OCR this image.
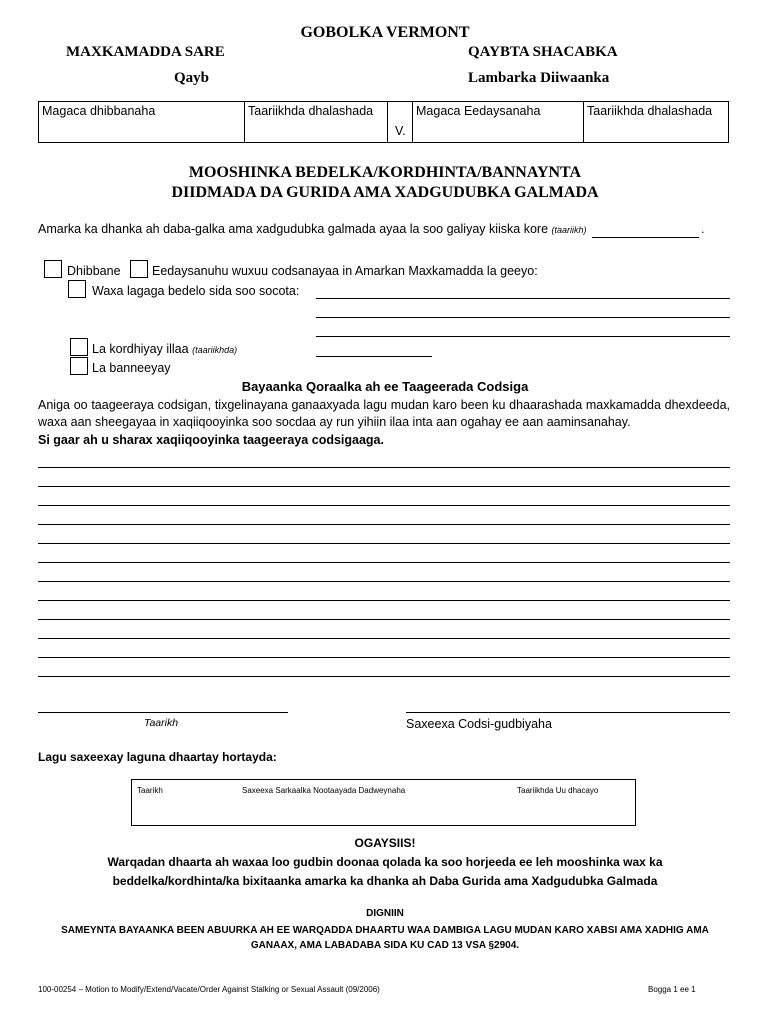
GOBOLKA VERMONT
MAXKAMADDA SARE	QAYBTA SHACABKA
Qayb	Lambarka Diiwaanka
Magaca dhibbanaha	Taariikhda dhalashada
V.
Magaca Eedaysanaha	Taariikhda dhalashada
MOOSHINKA BEDELKA/KORDHINTA/BANNAYNTA
DIIDMADA DA GURIDA AMA XADGUDUBKA GALMADA
Amarka ka dhanka ah daba-galka ama xadgudubka galmada ayaa la soo galiyay kiiska kore (taariikh)	.
Dhibbane	Eedaysanuhu wuxuu codsanayaa in Amarkan Maxkamadda la geeyo:
Waxa lagaga bedelo sida soo socota:
La kordhiyay illaa (taariikhda)
La banneeyay
Bayaanka Qoraalka ah ee Taageerada Codsiga
Aniga oo taageeraya codsigan, tixgelinayana ganaaxyada lagu mudan karo been ku dhaarashada maxkamadda dhexdeeda, waxa aan sheegayaa in xaqiiqooyinka soo socdaa ay run yihiin ilaa inta aan ogahay ee aan aaminsanahay.
Si gaar ah u sharax xaqiiqooyinka taageeraya codsigaaga.
Taarikh	Saxeexa Codsi-gudbiyaha
Lagu saxeexay laguna dhaartay hortayda:
Taarikh	Saxeexa Sarkaalka Nootaayada Dadweynaha	Taariikhda Uu dhacayo
OGAYSIIS!
Warqadan dhaarta ah waxaa loo gudbin doonaa qolada ka soo horjeeda ee leh mooshinka wax ka beddelka/kordhinta/ka bixitaanka amarka ka dhanka ah Daba Gurida ama Xadgudubka Galmada
DIGNIIN
SAMEYNTA BAYAANKA BEEN ABUURKA AH EE WARQADDA DHAARTU WAA DAMBIGA LAGU MUDAN KARO XABSI AMA XADHIG AMA GANAAX, AMA LABADABA SIDA KU CAD 13 VSA §2904.
100-00254 – Motion to Modify/Extend/Vacate/Order Against Stalking or Sexual Assault (09/2006)	Bogga 1 ee 1
